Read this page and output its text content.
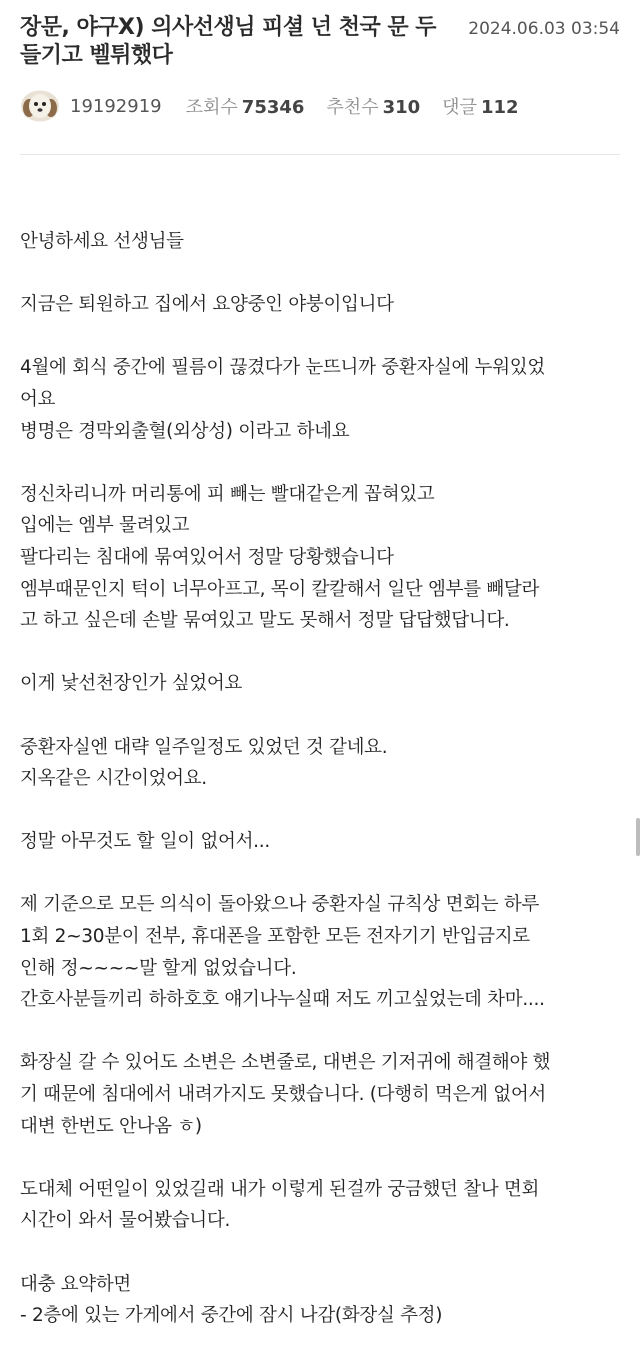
장문, 야구X) 의사선생님 피셜 넌 천국 문 두들기고 벨튀했다
2024.06.03 03:54
19192919 조회수 75346 추천수 310 댓글 112

안녕하세요 선생님들

지금은 퇴원하고 집에서 요양중인 야붕이입니다

4월에 회식 중간에 필름이 끊겼다가 눈뜨니까 중환자실에 누워있었
어요
병명은 경막외출혈(외상성) 이라고 하네요

정신차리니까 머리통에 피 빼는 빨대같은게 꼽혀있고
입에는 엠부 물려있고
팔다리는 침대에 묶여있어서 정말 당황했습니다
엠부때문인지 턱이 너무아프고, 목이 칼칼해서 일단 엠부를 빼달라
고 하고 싶은데 손발 묶여있고 말도 못해서 정말 답답했답니다.

이게 낯선천장인가 싶었어요

중환자실엔 대략 일주일정도 있었던 것 같네요.
지옥같은 시간이었어요.

정말 아무것도 할 일이 없어서...

제 기준으로 모든 의식이 돌아왔으나 중환자실 규칙상 면회는 하루
1회 2~30분이 전부, 휴대폰을 포함한 모든 전자기기 반입금지로
인해 정~~~~말 할게 없었습니다.
간호사분들끼리 하하호호 얘기나누실때 저도 끼고싶었는데 차마....

화장실 갈 수 있어도 소변은 소변줄로, 대변은 기저귀에 해결해야 했
기 때문에 침대에서 내려가지도 못했습니다. (다행히 먹은게 없어서
대변 한번도 안나옴 ㅎ)

도대체 어떤일이 있었길래 내가 이렇게 된걸까 궁금했던 찰나 면회
시간이 와서 물어봤습니다.

대충 요약하면
- 2층에 있는 가게에서 중간에 잠시 나감(화장실 추정)
